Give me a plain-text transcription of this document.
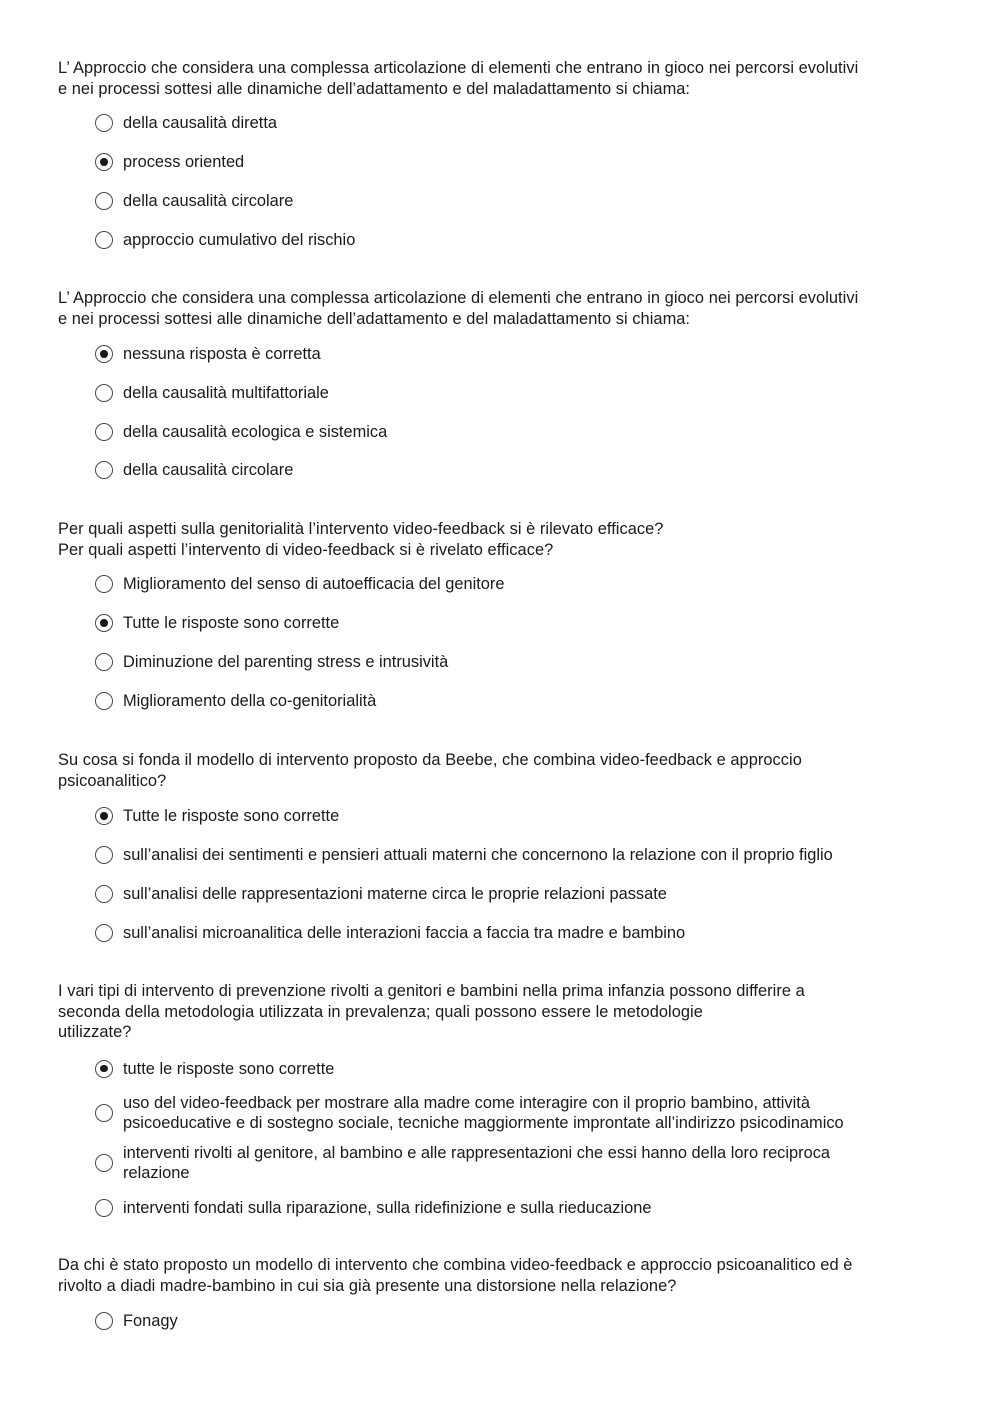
L’ Approccio che considera una complessa articolazione di elementi che entrano in gioco nei percorsi evolutivi
e nei processi sottesi alle dinamiche dell’adattamento e del maladattamento si chiama:

della causalità diretta
process oriented
della causalità circolare
approccio cumulativo del rischio

L’ Approccio che considera una complessa articolazione di elementi che entrano in gioco nei percorsi evolutivi
e nei processi sottesi alle dinamiche dell’adattamento e del maladattamento si chiama:

nessuna risposta è corretta
della causalità multifattoriale
della causalità ecologica e sistemica
della causalità circolare

Per quali aspetti sulla genitorialità l’intervento video-feedback si è rilevato efficace?
Per quali aspetti l’intervento di video-feedback si è rivelato efficace?

Miglioramento del senso di autoefficacia del genitore
Tutte le risposte sono corrette
Diminuzione del parenting stress e intrusività
Miglioramento della co-genitorialità

Su cosa si fonda il modello di intervento proposto da Beebe, che combina video-feedback e approccio
psicoanalitico?

Tutte le risposte sono corrette
sull’analisi dei sentimenti e pensieri attuali materni che concernono la relazione con il proprio figlio
sull’analisi delle rappresentazioni materne circa le proprie relazioni passate
sull’analisi microanalitica delle interazioni faccia a faccia tra madre e bambino

I vari tipi di intervento di prevenzione rivolti a genitori e bambini nella prima infanzia possono differire a
seconda della metodologia utilizzata in prevalenza; quali possono essere le metodologie
utilizzate?

tutte le risposte sono corrette
uso del video-feedback per mostrare alla madre come interagire con il proprio bambino, attività
psicoeducative e di sostegno sociale, tecniche maggiormente improntate all’indirizzo psicodinamico
interventi rivolti al genitore, al bambino e alle rappresentazioni che essi hanno della loro reciproca
relazione
interventi fondati sulla riparazione, sulla ridefinizione e sulla rieducazione

Da chi è stato proposto un modello di intervento che combina video-feedback e approccio psicoanalitico ed è
rivolto a diadi madre-bambino in cui sia già presente una distorsione nella relazione?

Fonagy
